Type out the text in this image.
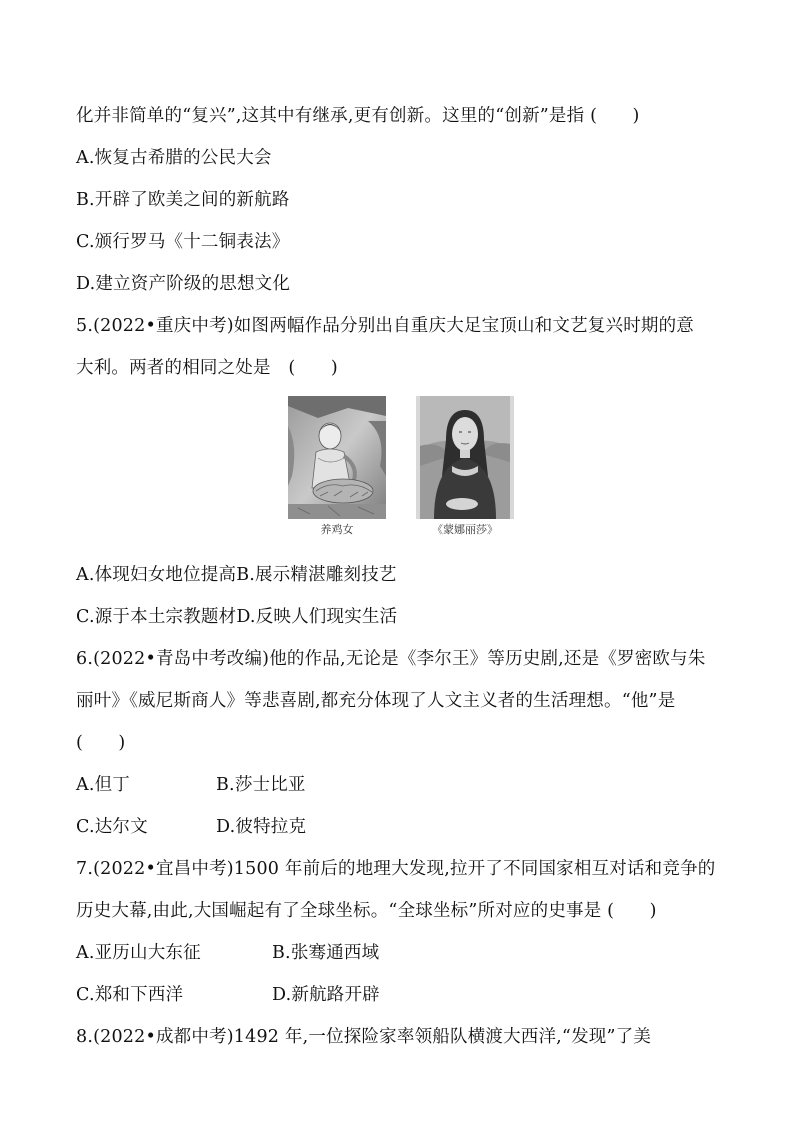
化并非简单的“复兴”,这其中有继承,更有创新。这里的“创新”是指 (　　)
A.恢复古希腊的公民大会
B.开辟了欧美之间的新航路
C.颁行罗马《十二铜表法》
D.建立资产阶级的思想文化
5.(2022•重庆中考)如图两幅作品分别出自重庆大足宝顶山和文艺复兴时期的意
大利。两者的相同之处是　(　　)
养鸡女	《蒙娜丽莎》
A.体现妇女地位提高B.展示精湛雕刻技艺
C.源于本土宗教题材D.反映人们现实生活
6.(2022•青岛中考改编)他的作品,无论是《李尔王》等历史剧,还是《罗密欧与朱
丽叶》《威尼斯商人》等悲喜剧,都充分体现了人文主义者的生活理想。“他”是
(　　)
A.但丁	B.莎士比亚
C.达尔文	D.彼特拉克
7.(2022•宜昌中考)1500 年前后的地理大发现,拉开了不同国家相互对话和竞争的
历史大幕,由此,大国崛起有了全球坐标。“全球坐标”所对应的史事是 (　　)
A.亚历山大东征	B.张骞通西域
C.郑和下西洋	D.新航路开辟
8.(2022•成都中考)1492 年,一位探险家率领船队横渡大西洋,“发现”了美
